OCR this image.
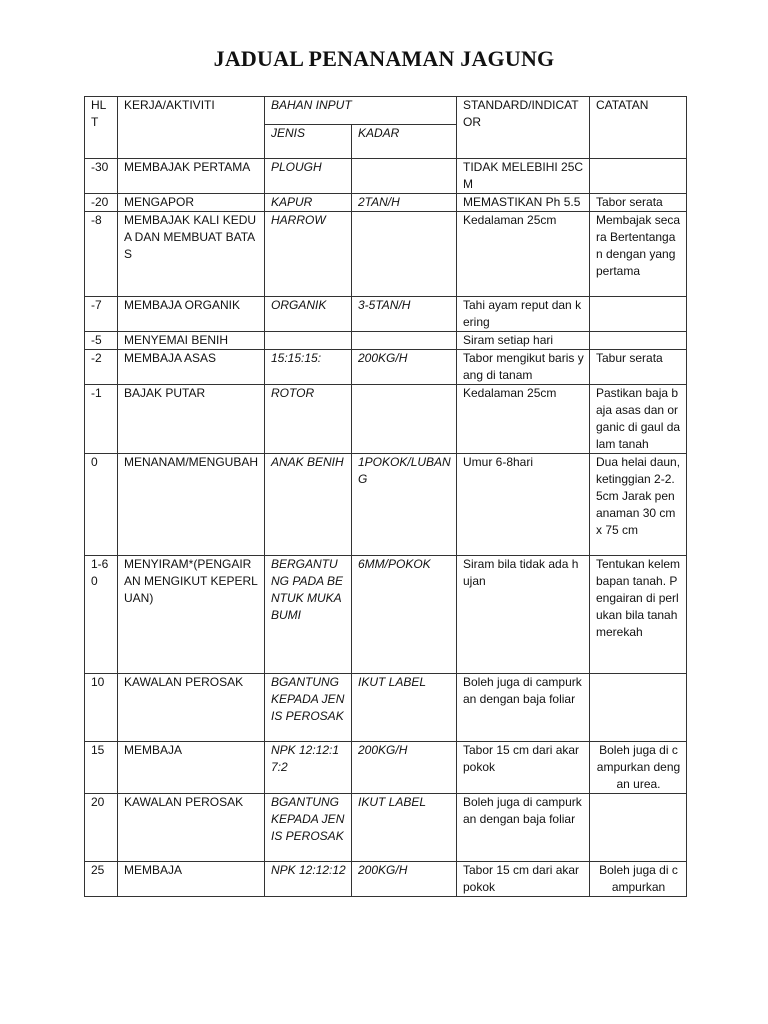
JADUAL PENANAMAN JAGUNG
HL T	KERJA/AKTIVITI	BAHAN INPUT		STANDARD/INDICAT OR	CATATAN
		JENIS	KADAR		
-30	MEMBAJAK PERTAMA	PLOUGH		TIDAK MELEBIHI 25CM	
-20	MENGAPOR	KAPUR	2TAN/H	MEMASTIKAN Ph 5.5	Tabor serata
-8	MEMBAJAK KALI KEDUA DAN MEMBUAT BATAS	HARROW		Kedalaman 25cm	Membajak secara Bertentangan dengan yang pertama
-7	MEMBAJA ORGANIK	ORGANIK	3-5TAN/H	Tahi ayam reput dan kering	
-5	MENYEMAI BENIH			Siram setiap hari	
-2	MEMBAJA ASAS	15:15:15:	200KG/H	Tabor mengikut baris yang di tanam	Tabur serata
-1	BAJAK PUTAR	ROTOR		Kedalaman 25cm	Pastikan baja baja asas dan organic di gaul dalam tanah
0	MENANAM/MENGUBAH	ANAK BENIH	1POKOK/LUBANG	Umur 6-8hari	Dua helai daun,ketinggian 2-2.5cm Jarak penanaman 30 cm x 75 cm
1-60	MENYIRAM*(PENGAIRAN MENGIKUT KEPERLUAN)	BERGANTUNG PADA BENTUK MUKA BUMI	6MM/POKOK	Siram bila tidak ada hujan	Tentukan kelembapan tanah. Pengairan di perlukan bila tanah merekah
10	KAWALAN PEROSAK	BGANTUNG KEPADA JENIS PEROSAK	IKUT LABEL	Boleh juga di campurkan dengan baja foliar	
15	MEMBAJA	NPK 12:12:17:2	200KG/H	Tabor 15 cm dari akar pokok	Boleh juga di campurkan dengan urea.
20	KAWALAN PEROSAK	BGANTUNG KEPADA JENIS PEROSAK	IKUT LABEL	Boleh juga di campurkan dengan baja foliar	
25	MEMBAJA	NPK 12:12:12	200KG/H	Tabor 15 cm dari akar pokok	Boleh juga di campurkan
